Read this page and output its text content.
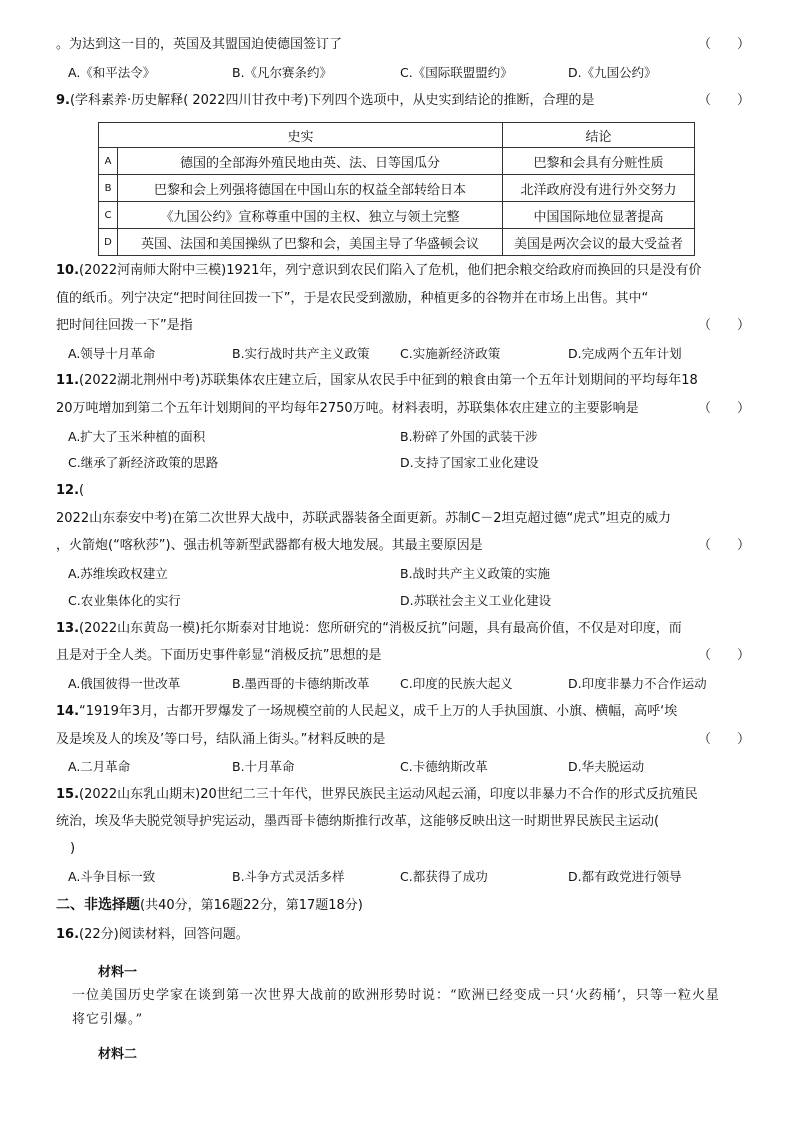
。为达到这一目的，英国及其盟国迫使德国签订了	（　　）
A.《和平法令》	B.《凡尔赛条约》	C.《国际联盟盟约》	D.《九国公约》
9.(学科素养·历史解释( 2022四川甘孜中考)下列四个选项中，从史实到结论的推断，合理的是	（　　）
史实		结论
A	德国的全部海外殖民地由英、法、日等国瓜分	巴黎和会具有分赃性质
B	巴黎和会上列强将德国在中国山东的权益全部转给日本	北洋政府没有进行外交努力
C	《九国公约》宣称尊重中国的主权、独立与领土完整	中国国际地位显著提高
D	英国、法国和美国操纵了巴黎和会，美国主导了华盛顿会议	美国是两次会议的最大受益者
10.(2022河南师大附中三模)1921年，列宁意识到农民们陷入了危机，他们把余粮交给政府而换回的只是没有价
值的纸币。列宁决定“把时间往回拨一下”，于是农民受到激励，种植更多的谷物并在市场上出售。其中“
把时间往回拨一下”是指	（　　）
A.领导十月革命	B.实行战时共产主义政策 C.实施新经济政策	D.完成两个五年计划
11.(2022湖北荆州中考)苏联集体农庄建立后，国家从农民手中征到的粮食由第一个五年计划期间的平均每年18
20万吨增加到第二个五年计划期间的平均每年2750万吨。材料表明，苏联集体农庄建立的主要影响是	（　　）
A.扩大了玉米种植的面积	B.粉碎了外国的武装干涉
C.继承了新经济政策的思路	D.支持了国家工业化建设
12.(
2022山东泰安中考)在第二次世界大战中，苏联武器装备全面更新。苏制C－2坦克超过德“虎式”坦克的威力
，火箭炮(“喀秋莎”)、强击机等新型武器都有极大地发展。其最主要原因是	（　　）
A.苏维埃政权建立	B.战时共产主义政策的实施
C.农业集体化的实行	D.苏联社会主义工业化建设
13.(2022山东黄岛一模)托尔斯泰对甘地说：您所研究的“消极反抗”问题，具有最高价值，不仅是对印度，而
且是对于全人类。下面历史事件彰显“消极反抗”思想的是	（　　）
A.俄国彼得一世改革	B.墨西哥的卡德纳斯改革 C.印度的民族大起义	D.印度非暴力不合作运动
14.“1919年3月，古都开罗爆发了一场规模空前的人民起义，成千上万的人手执国旗、小旗、横幅，高呼‘埃
及是埃及人的埃及’等口号，结队涌上街头。”材料反映的是	（　　）
A.二月革命	B.十月革命	C.卡德纳斯改革	D.华夫脱运动
15.(2022山东乳山期末)20世纪二三十年代，世界民族民主运动风起云涌，印度以非暴力不合作的形式反抗殖民
统治，埃及华夫脱党领导护宪运动，墨西哥卡德纳斯推行改革，这能够反映出这一时期世界民族民主运动(
)
A.斗争目标一致	B.斗争方式灵活多样	C.都获得了成功	D.都有政党进行领导
二、非选择题(共40分，第16题22分，第17题18分)
16.(22分)阅读材料，回答问题。
材料一
一位美国历史学家在谈到第一次世界大战前的欧洲形势时说：“欧洲已经变成一只‘火药桶’，只等一粒火星将它引爆。”
材料二
